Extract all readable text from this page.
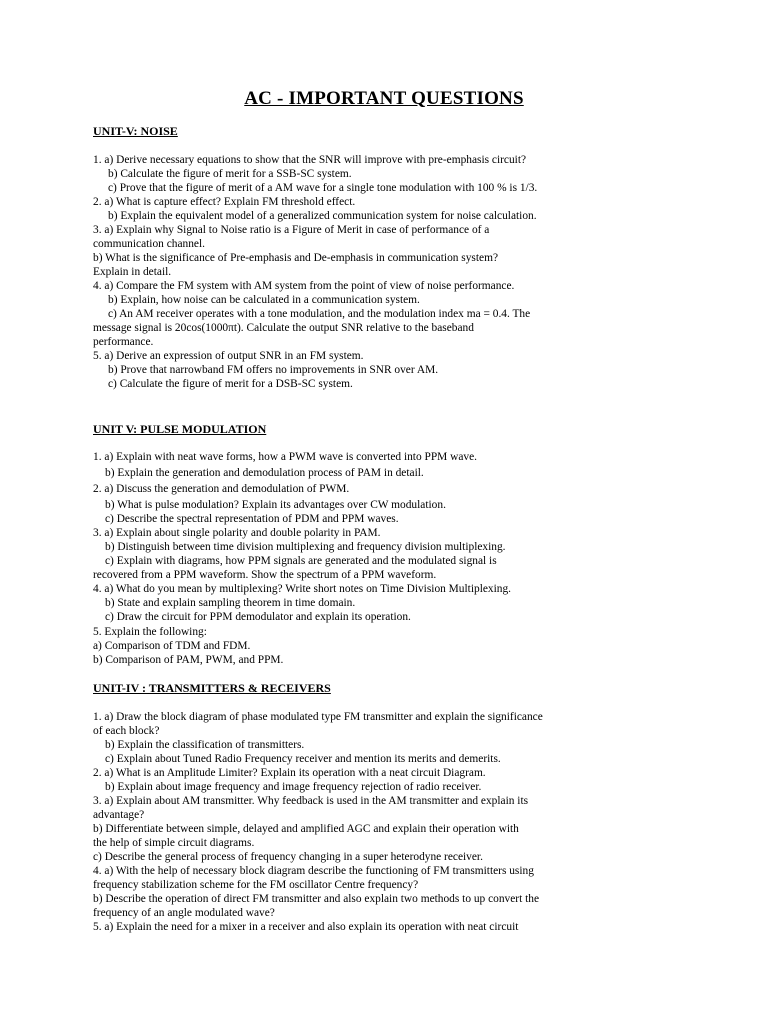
AC - IMPORTANT QUESTIONS
UNIT-V: NOISE
1. a) Derive necessary equations to show that the SNR will improve with pre-emphasis circuit?
b) Calculate the figure of merit for a SSB-SC system.
c) Prove that the figure of merit of a AM wave for a single tone modulation with 100 % is 1/3.
2. a) What is capture effect? Explain FM threshold effect.
b) Explain the equivalent model of a generalized communication system for noise calculation.
3. a) Explain why Signal to Noise ratio is a Figure of Merit in case of performance of a
communication channel.
b) What is the significance of Pre-emphasis and De-emphasis in communication system?
Explain in detail.
4. a) Compare the FM system with AM system from the point of view of noise performance.
b) Explain, how noise can be calculated in a communication system.
c) An AM receiver operates with a tone modulation, and the modulation index ma = 0.4. The
message signal is 20cos(1000πt). Calculate the output SNR relative to the baseband
performance.
5. a) Derive an expression of output SNR in an FM system.
b) Prove that narrowband FM offers no improvements in SNR over AM.
c) Calculate the figure of merit for a DSB-SC system.
UNIT V: PULSE MODULATION
1. a) Explain with neat wave forms, how a PWM wave is converted into PPM wave.
b) Explain the generation and demodulation process of PAM in detail.
2. a) Discuss the generation and demodulation of PWM.
b) What is pulse modulation? Explain its advantages over CW modulation.
c) Describe the spectral representation of PDM and PPM waves.
3. a) Explain about single polarity and double polarity in PAM.
b) Distinguish between time division multiplexing and frequency division multiplexing.
c) Explain with diagrams, how PPM signals are generated and the modulated signal is
recovered from a PPM waveform. Show the spectrum of a PPM waveform.
4. a) What do you mean by multiplexing? Write short notes on Time Division Multiplexing.
b) State and explain sampling theorem in time domain.
c) Draw the circuit for PPM demodulator and explain its operation.
5. Explain the following:
a) Comparison of TDM and FDM.
b) Comparison of PAM, PWM, and PPM.
UNIT-IV : TRANSMITTERS & RECEIVERS
1. a) Draw the block diagram of phase modulated type FM transmitter and explain the significance
of each block?
b) Explain the classification of transmitters.
c) Explain about Tuned Radio Frequency receiver and mention its merits and demerits.
2. a) What is an Amplitude Limiter? Explain its operation with a neat circuit Diagram.
b) Explain about image frequency and image frequency rejection of radio receiver.
3. a) Explain about AM transmitter. Why feedback is used in the AM transmitter and explain its
advantage?
b) Differentiate between simple, delayed and amplified AGC and explain their operation with
the help of simple circuit diagrams.
c) Describe the general process of frequency changing in a super heterodyne receiver.
4. a) With the help of necessary block diagram describe the functioning of FM transmitters using
frequency stabilization scheme for the FM oscillator Centre frequency?
b) Describe the operation of direct FM transmitter and also explain two methods to up convert the
frequency of an angle modulated wave?
5. a) Explain the need for a mixer in a receiver and also explain its operation with neat circuit
